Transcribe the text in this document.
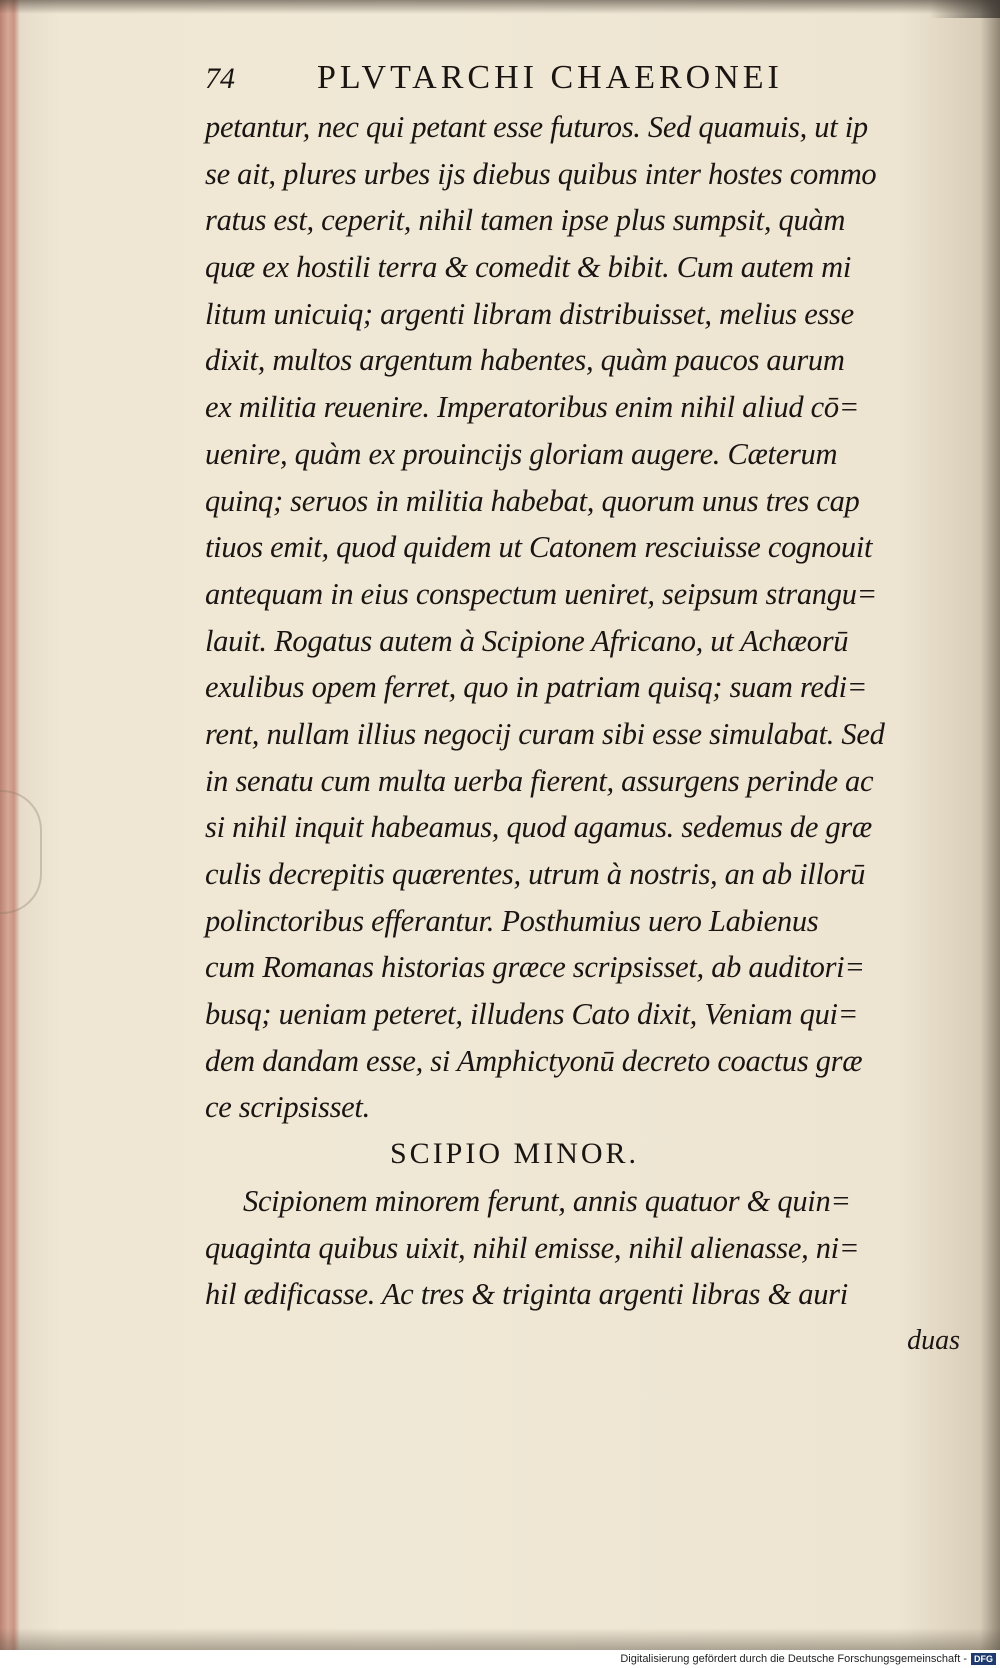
74 PLVTARCHI CHAERONEI
petantur, nec qui petant esse futuros. Sed quamuis, ut ip
se ait, plures urbes ijs diebus quibus inter hostes commo
ratus est, ceperit, nihil tamen ipse plus sumpsit, quàm
quæ ex hostili terra & comedit & bibit. Cum autem mi
litum unicuiq; argenti libram distribuisset, melius esse
dixit, multos argentum habentes, quàm paucos aurum
ex militia reuenire. Imperatoribus enim nihil aliud cō=
uenire, quàm ex prouincijs gloriam augere. Cæterum
quinq; seruos in militia habebat, quorum unus tres cap
tiuos emit, quod quidem ut Catonem resciuisse cognouit
antequam in eius conspectum ueniret, seipsum strangu=
lauit. Rogatus autem à Scipione Africano, ut Achæorū
exulibus opem ferret, quo in patriam quisq; suam redi=
rent, nullam illius negocij curam sibi esse simulabat. Sed
in senatu cum multa uerba fierent, assurgens perinde ac
si nihil inquit habeamus, quod agamus. sedemus de græ
culis decrepitis quærentes, utrum à nostris, an ab illorū
polinctoribus efferantur. Posthumius uero Labienus
cum Romanas historias græce scripsisset, ab auditori=
busq; ueniam peteret, illudens Cato dixit, Veniam qui=
dem dandam esse, si Amphictyonū decreto coactus græ
ce scripsisset.
SCIPIO MINOR.
Scipionem minorem ferunt, annis quatuor & quin=
quaginta quibus uixit, nihil emisse, nihil alienasse, ni=
hil ædificasse. Ac tres & triginta argenti libras & auri
duas
Digitalisierung gefördert durch die Deutsche Forschungsgemeinschaft - DFG
